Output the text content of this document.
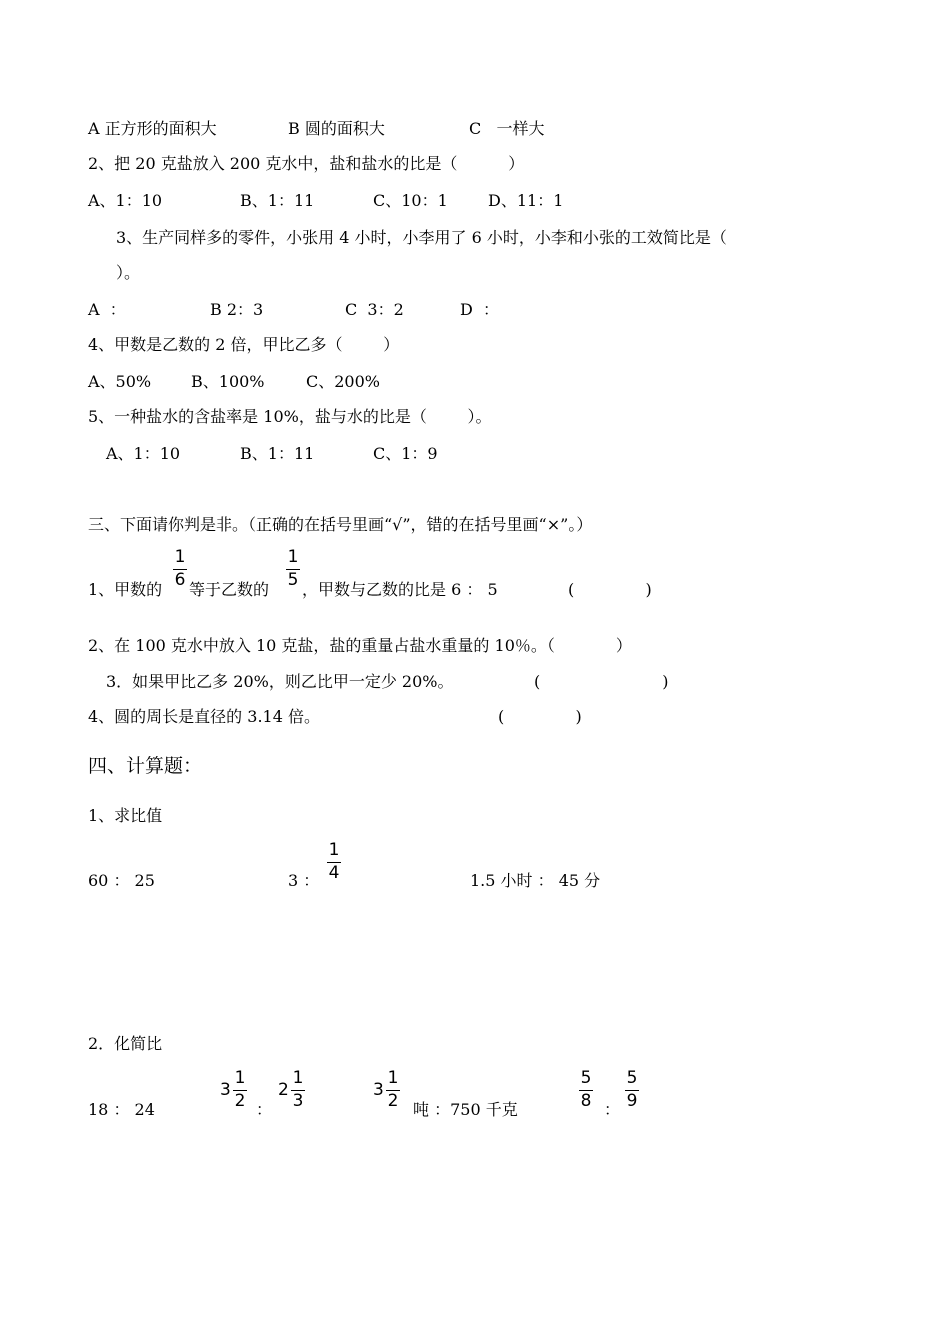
A 正方形的面积大	B 圆的面积大	C   一样大
2、把 20 克盐放入 200 克水中，盐和盐水的比是（          ）
A、1：10	B、1：11	C、10：1	D、11：1
3、生产同样多的零件，小张用 4 小时，小李用了 6 小时，小李和小张的工效简比是（
）。
A  ：	B 2：3	C  3：2	D  ：
4、甲数是乙数的 2 倍，甲比乙多（        ）
A、50% B、100%	C、200%
5、一种盐水的含盐率是 10%，盐与水的比是（        ）。
A、1：10	B、1：11	C、1：9
三、下面请你判是非。（正确的在括号里画“√”，错的在括号里画“×”。）
1、甲数的
1
6 等于乙数的
1
5 ，甲数与乙数的比是 6 ： 5	(              )
2、在 100 克水中放入 10 克盐，盐的重量占盐水重量的 10％。（            ）
3．如果甲比乙多 20%，则乙比甲一定少 20%。	(                        )
4、圆的周长是直径的 3.14 倍。	(              )
四、计算题：
1、求比值
60 ： 25	3 ：
1
4	1.5 小时 ： 45 分
2．化简比
18 ： 24
3
1
2 ：
2
1
3
3
1
2 吨 ：750 千克
5
8 ：
5
9
